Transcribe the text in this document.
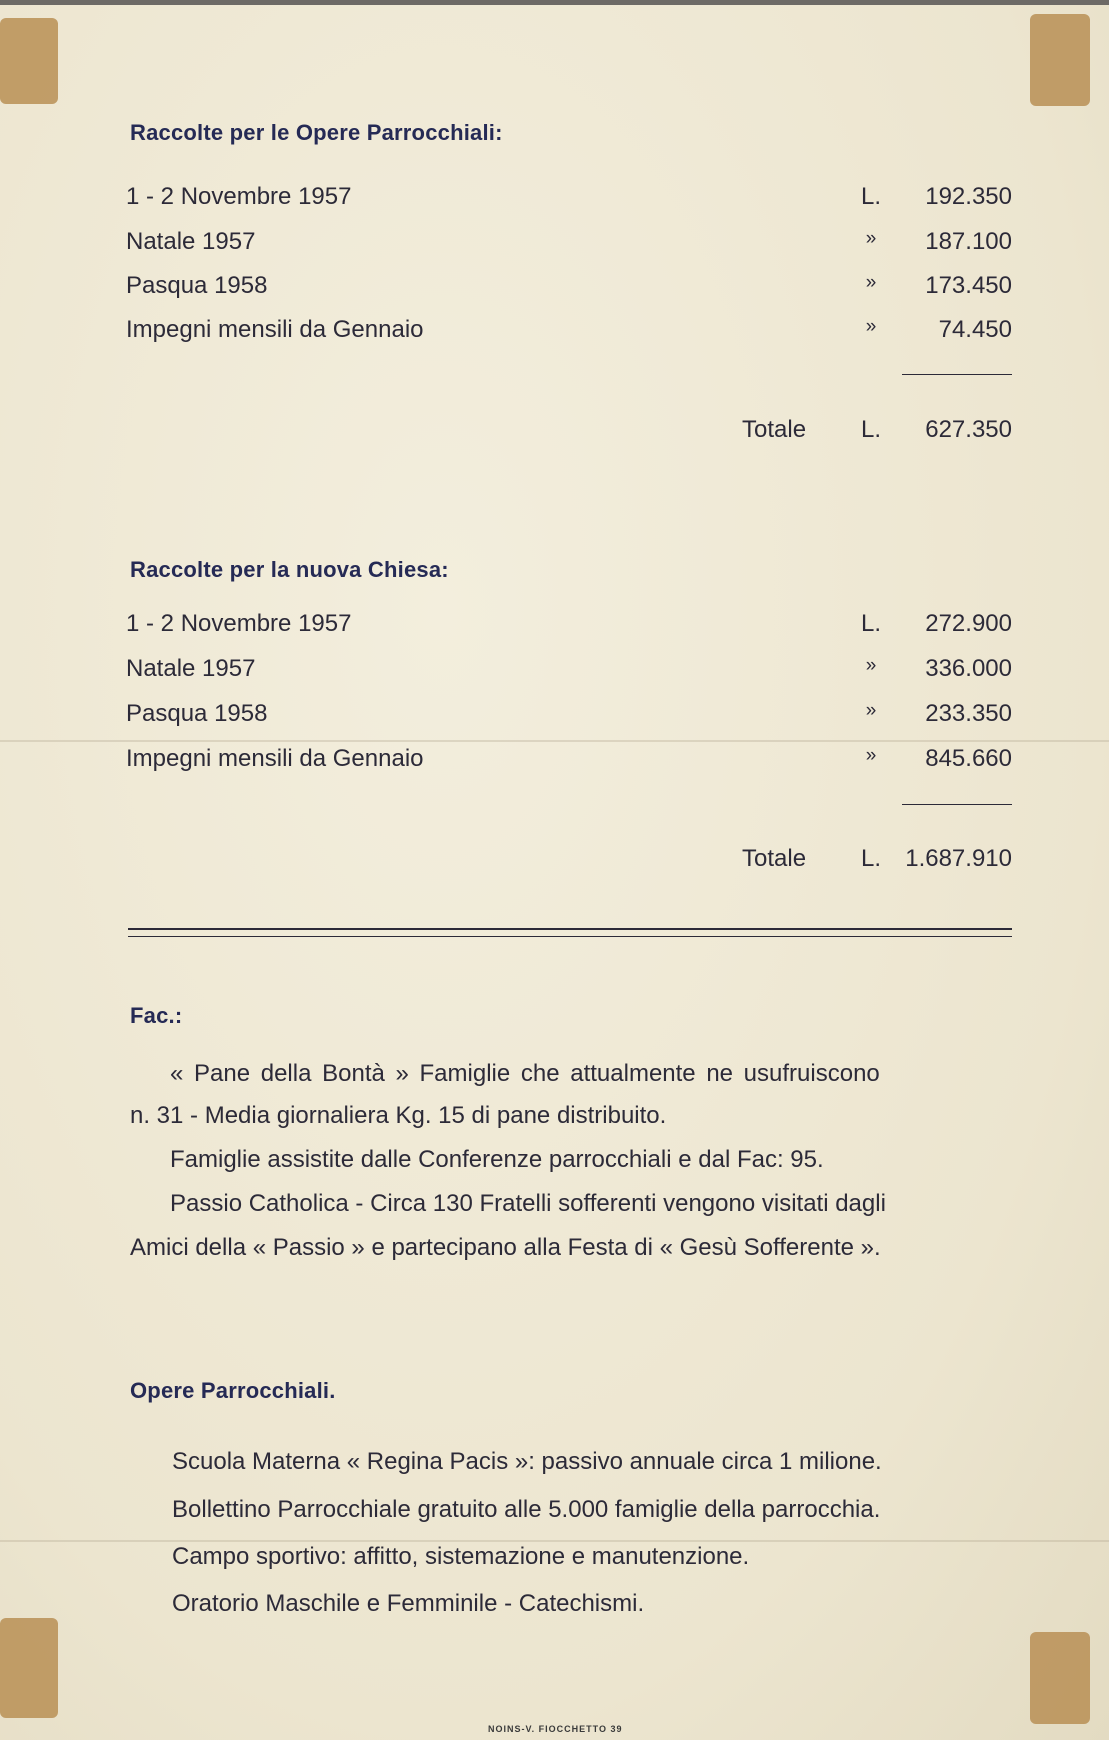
Raccolte per le Opere Parrocchiali:
1 - 2 Novembre 1957	L. 192.350
Natale 1957	» 187.100
Pasqua 1958	» 173.450
Impegni mensili da Gennaio	»	74.450
Totale L. 627.350
Raccolte per la nuova Chiesa:
1 - 2 Novembre 1957	L. 272.900
Natale 1957	» 336.000
Pasqua 1958	» 233.350
Impegni mensili da Gennaio	» 845.660
Totale L. 1.687.910
Fac.:
« Pane della Bontà » Famiglie che attualmente ne usufruiscono
n. 31 - Media giornaliera Kg. 15 di pane distribuito.
Famiglie assistite dalle Conferenze parrocchiali e dal Fac: 95.
Passio Catholica - Circa 130 Fratelli sofferenti vengono visitati dagli
Amici della « Passio » e partecipano alla Festa di « Gesù Sofferente ».
Opere Parrocchiali.
Scuola Materna « Regina Pacis »: passivo annuale circa 1 milione.
Bollettino Parrocchiale gratuito alle 5.000 famiglie della parrocchia.
Campo sportivo: affitto, sistemazione e manutenzione.
Oratorio Maschile e Femminile - Catechismi.
NOINS-V. FIOCCHETTO 39
